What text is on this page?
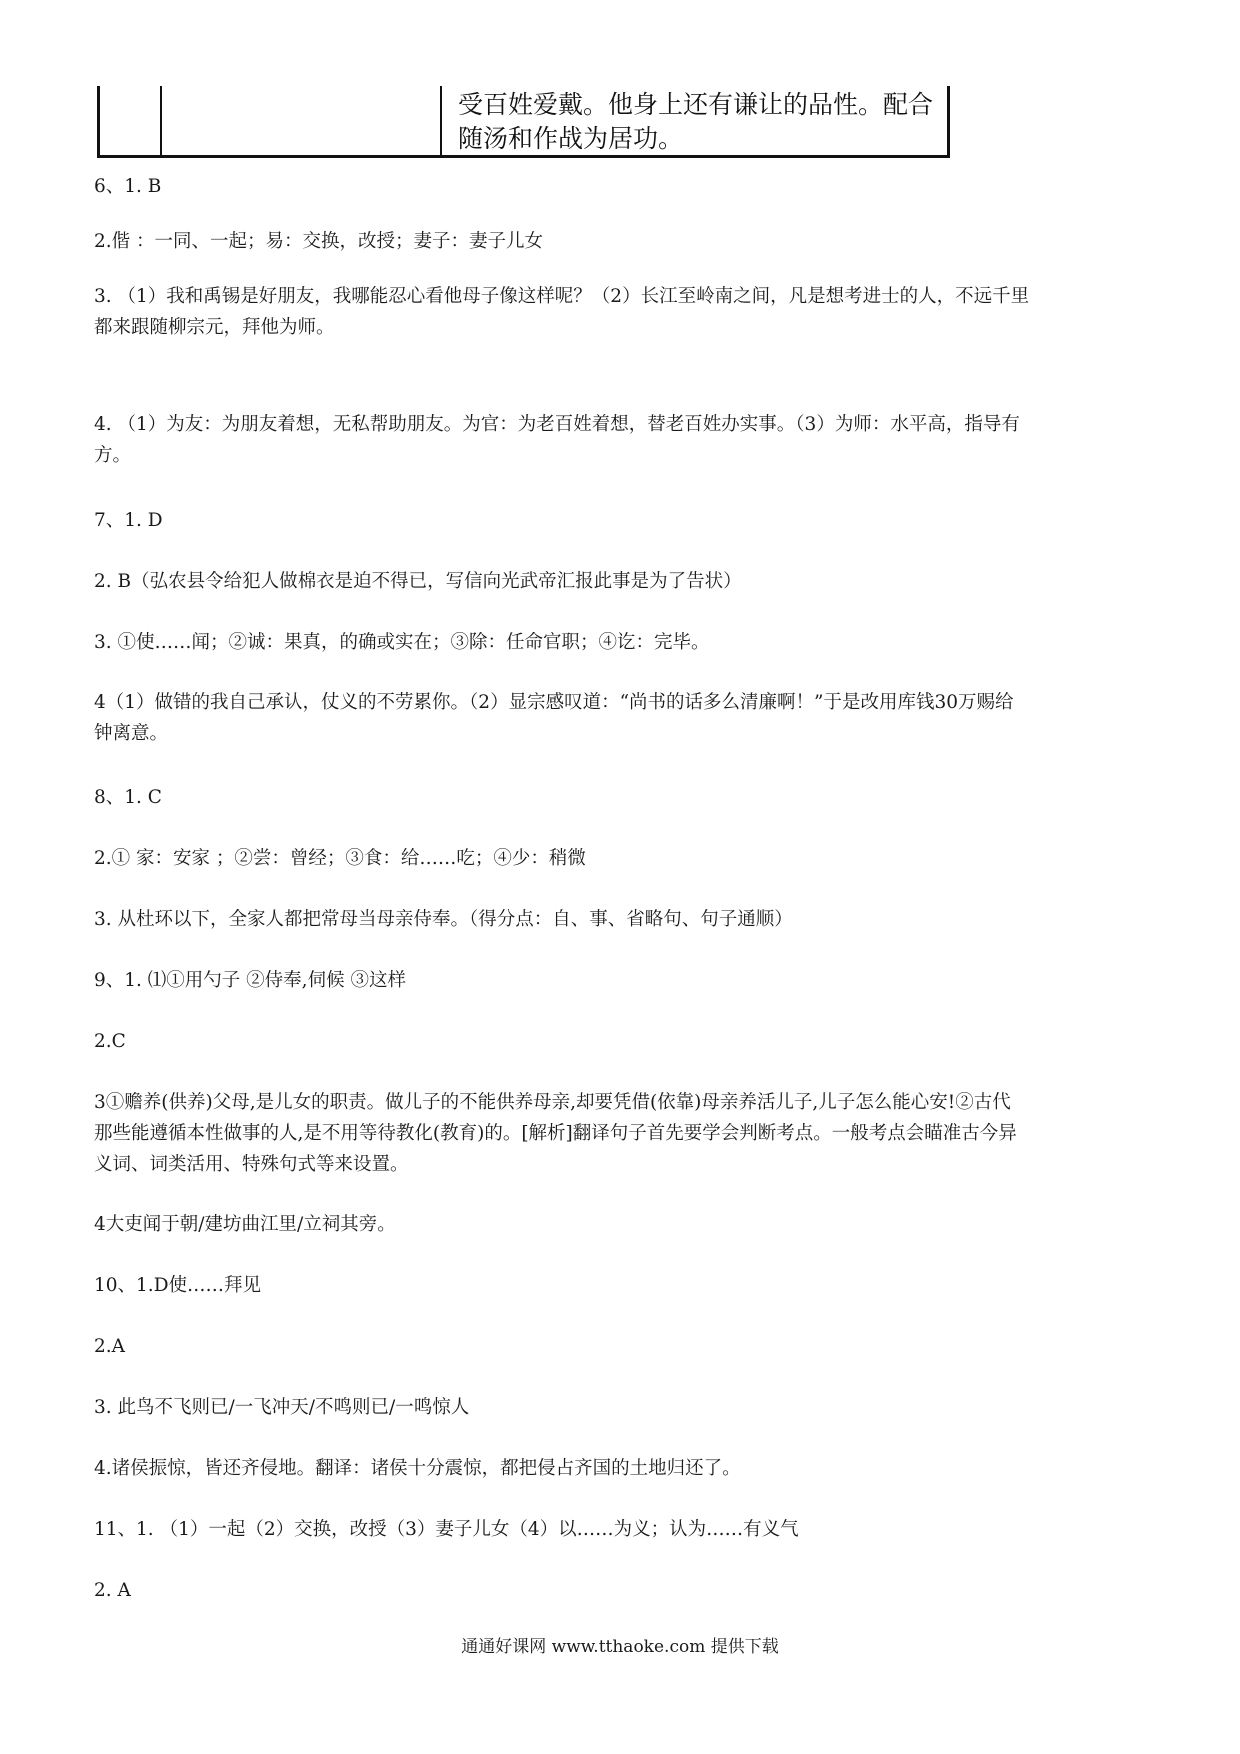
受百姓爱戴。他身上还有谦让的品性。配合
随汤和作战为居功。
6、1. B
2.偕 ：一同、一起；易：交换，改授；妻子：妻子儿女
3. （1）我和禹锡是好朋友，我哪能忍心看他母子像这样呢？（2）长江至岭南之间，凡是想考进士的人，不远千里
都来跟随柳宗元，拜他为师。
4. （1）为友：为朋友着想，无私帮助朋友。为官：为老百姓着想，替老百姓办实事。（3）为师：水平高，指导有
方。
7、1. D
2. B（弘农县令给犯人做棉衣是迫不得已，写信向光武帝汇报此事是为了告状）
3. ①使……闻；②诚：果真，的确或实在；③除：任命官职；④讫：完毕。
4（1）做错的我自己承认，仗义的不劳累你。（2）显宗感叹道：“尚书的话多么清廉啊！”于是改用库钱30万赐给
钟离意。
8、1. C
2.① 家：安家 ；②尝：曾经；③食：给……吃；④少：稍微
3. 从杜环以下，全家人都把常母当母亲侍奉。（得分点：自、事、省略句、句子通顺）
9、1. ⑴①用勺子 ②侍奉,伺候 ③这样
2.C
3①赡养(供养)父母,是儿女的职责。做儿子的不能供养母亲,却要凭借(依靠)母亲养活儿子,儿子怎么能心安!②古代
那些能遵循本性做事的人,是不用等待教化(教育)的。[解析]翻译句子首先要学会判断考点。一般考点会瞄准古今异
义词、词类活用、特殊句式等来设置。
4大吏闻于朝/建坊曲江里/立祠其旁。
10、1.D使……拜见
2.A
3. 此鸟不飞则已/一飞冲天/不鸣则已/一鸣惊人
4.诸侯振惊，皆还齐侵地。翻译：诸侯十分震惊，都把侵占齐国的土地归还了。
11、1. （1）一起（2）交换，改授（3）妻子儿女（4）以……为义；认为……有义气
2. A
通通好课网 www.tthaoke.com 提供下载
